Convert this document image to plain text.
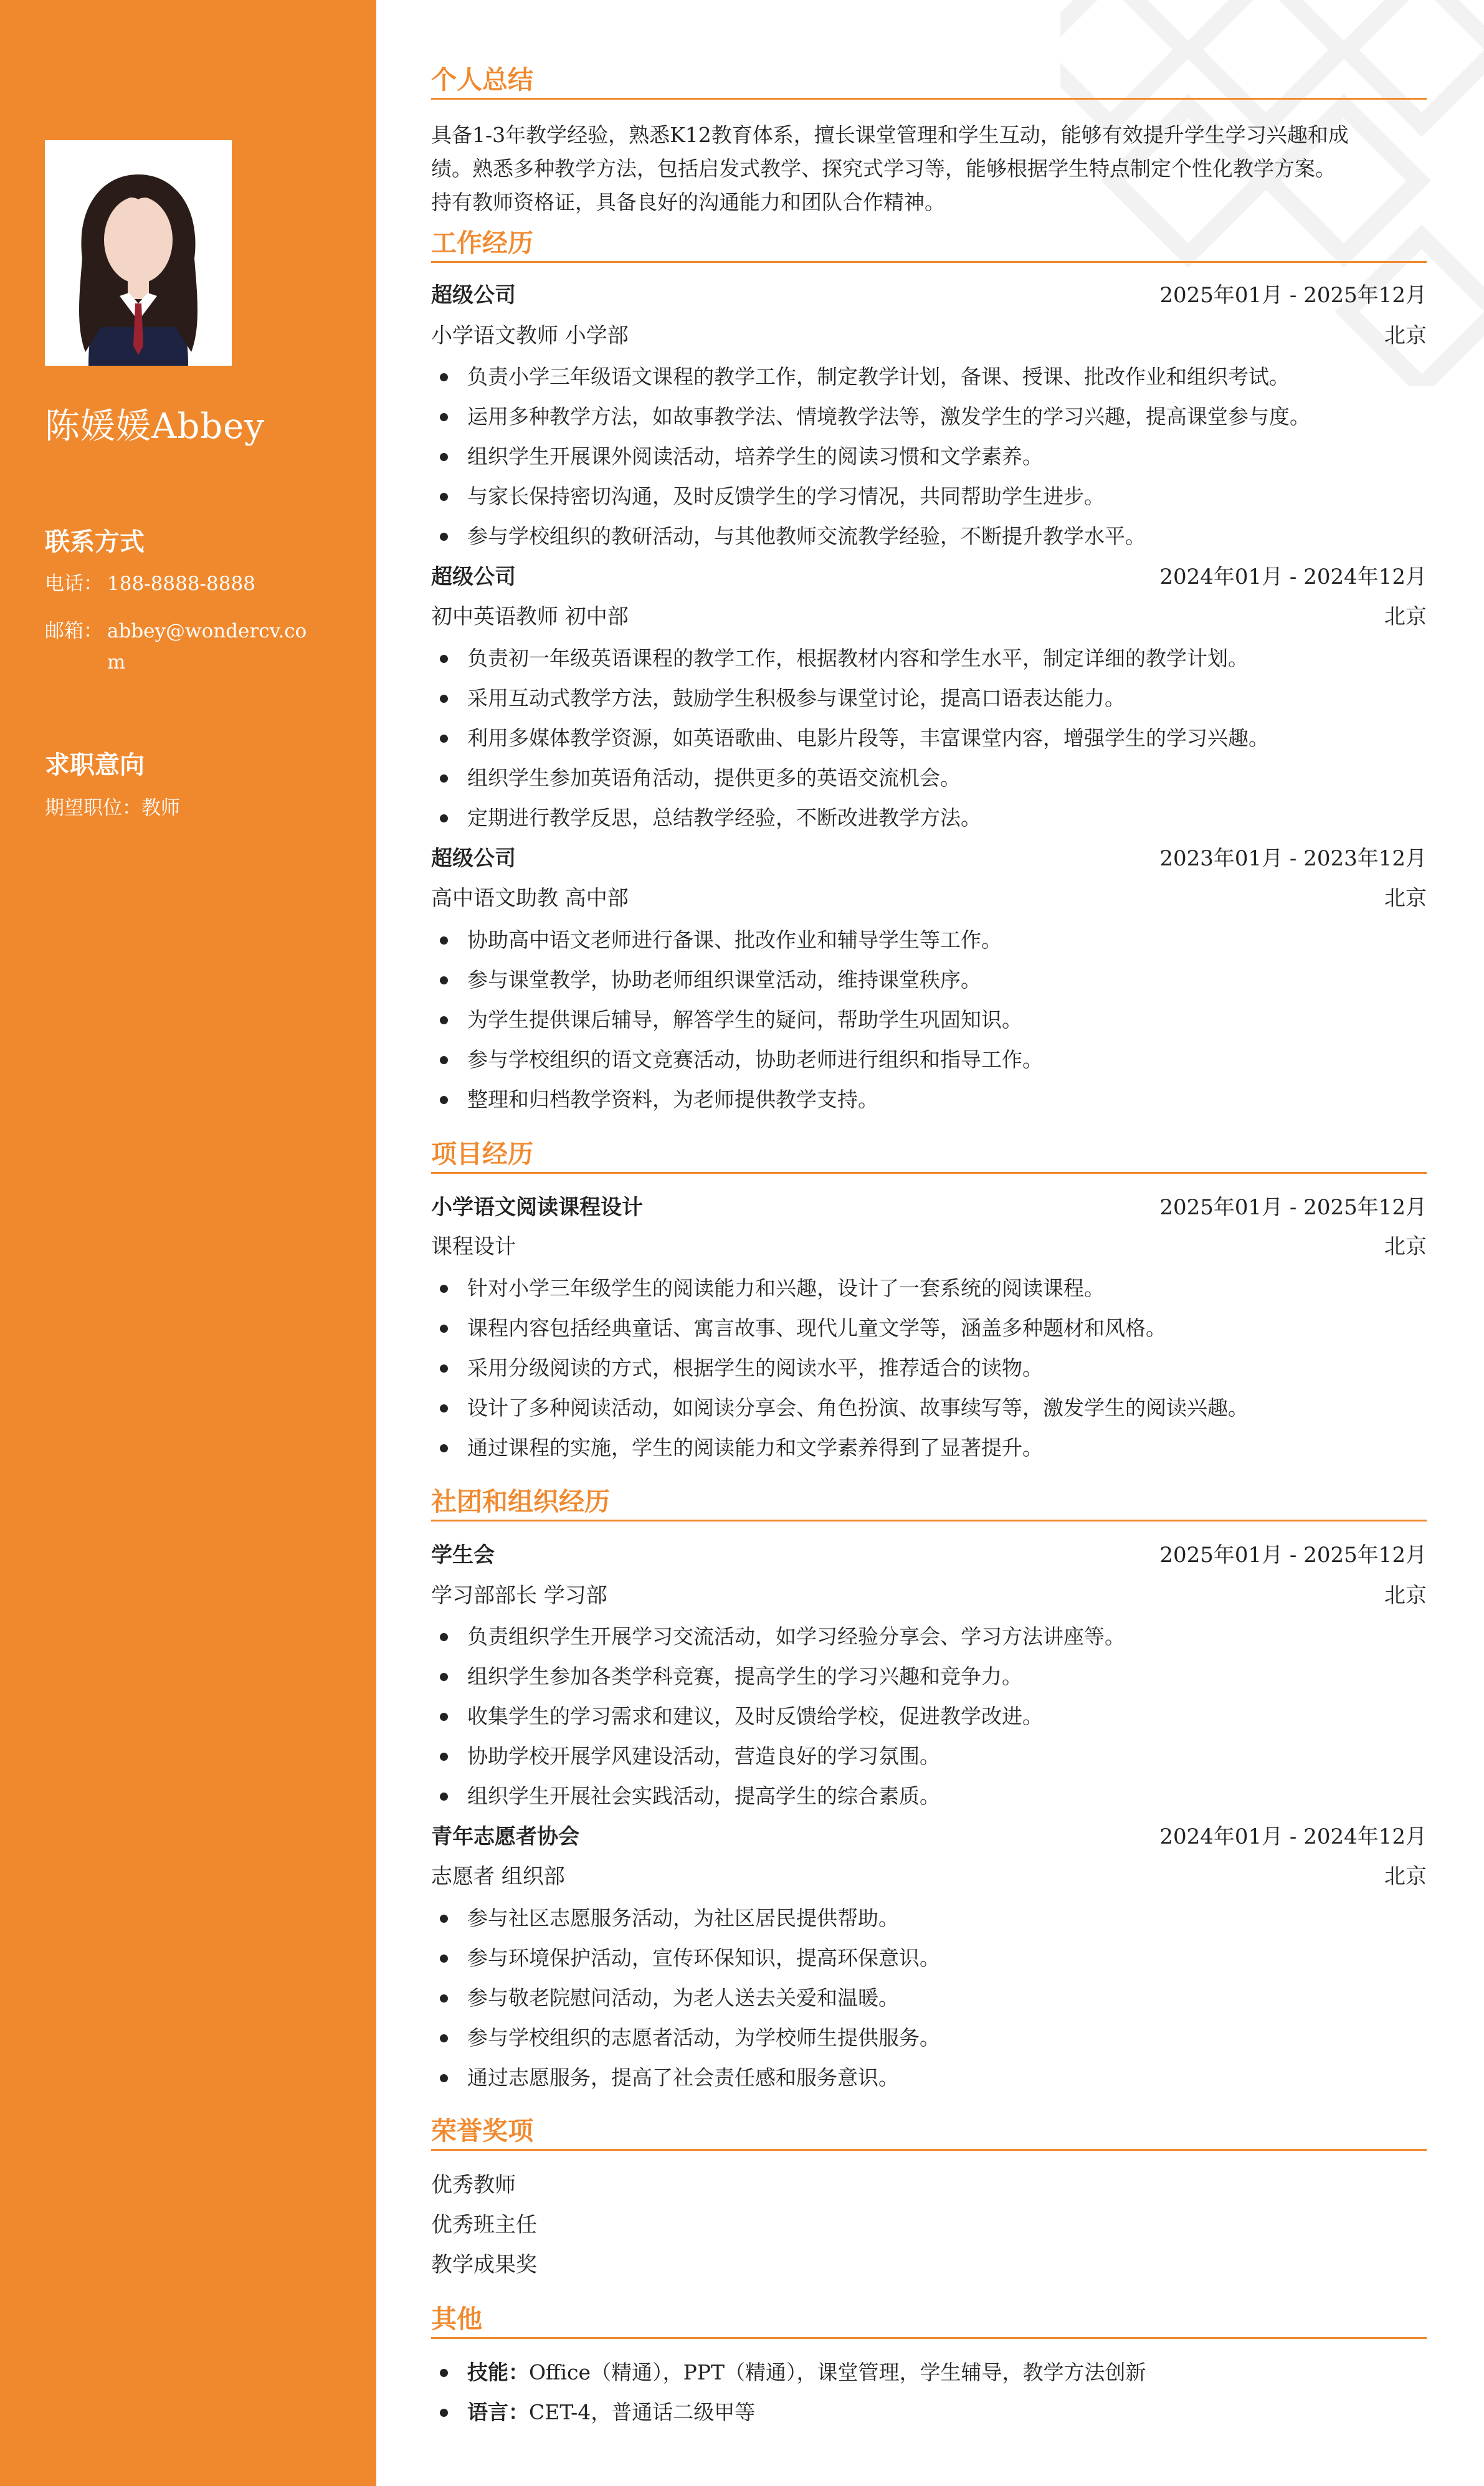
陈媛媛Abbey
联系方式
电话： 188-8888-8888
邮箱： abbey@wondercv.com
求职意向
期望职位：教师
个人总结
具备1-3年教学经验，熟悉K12教育体系，擅长课堂管理和学生互动，能够有效提升学生学习兴趣和成
绩。熟悉多种教学方法，包括启发式教学、探究式学习等，能够根据学生特点制定个性化教学方案。
持有教师资格证，具备良好的沟通能力和团队合作精神。
工作经历
超级公司	2025年01月 - 2025年12月
小学语文教师 小学部	北京
负责小学三年级语文课程的教学工作，制定教学计划，备课、授课、批改作业和组织考试。
运用多种教学方法，如故事教学法、情境教学法等，激发学生的学习兴趣，提高课堂参与度。
组织学生开展课外阅读活动，培养学生的阅读习惯和文学素养。
与家长保持密切沟通，及时反馈学生的学习情况，共同帮助学生进步。
参与学校组织的教研活动，与其他教师交流教学经验，不断提升教学水平。
超级公司	2024年01月 - 2024年12月
初中英语教师 初中部	北京
负责初一年级英语课程的教学工作，根据教材内容和学生水平，制定详细的教学计划。
采用互动式教学方法，鼓励学生积极参与课堂讨论，提高口语表达能力。
利用多媒体教学资源，如英语歌曲、电影片段等，丰富课堂内容，增强学生的学习兴趣。
组织学生参加英语角活动，提供更多的英语交流机会。
定期进行教学反思，总结教学经验，不断改进教学方法。
超级公司	2023年01月 - 2023年12月
高中语文助教 高中部	北京
协助高中语文老师进行备课、批改作业和辅导学生等工作。
参与课堂教学，协助老师组织课堂活动，维持课堂秩序。
为学生提供课后辅导，解答学生的疑问，帮助学生巩固知识。
参与学校组织的语文竞赛活动，协助老师进行组织和指导工作。
整理和归档教学资料，为老师提供教学支持。
项目经历
小学语文阅读课程设计	2025年01月 - 2025年12月
课程设计	北京
针对小学三年级学生的阅读能力和兴趣，设计了一套系统的阅读课程。
课程内容包括经典童话、寓言故事、现代儿童文学等，涵盖多种题材和风格。
采用分级阅读的方式，根据学生的阅读水平，推荐适合的读物。
设计了多种阅读活动，如阅读分享会、角色扮演、故事续写等，激发学生的阅读兴趣。
通过课程的实施，学生的阅读能力和文学素养得到了显著提升。
社团和组织经历
学生会	2025年01月 - 2025年12月
学习部部长 学习部	北京
负责组织学生开展学习交流活动，如学习经验分享会、学习方法讲座等。
组织学生参加各类学科竞赛，提高学生的学习兴趣和竞争力。
收集学生的学习需求和建议，及时反馈给学校，促进教学改进。
协助学校开展学风建设活动，营造良好的学习氛围。
组织学生开展社会实践活动，提高学生的综合素质。
青年志愿者协会	2024年01月 - 2024年12月
志愿者 组织部	北京
参与社区志愿服务活动，为社区居民提供帮助。
参与环境保护活动，宣传环保知识，提高环保意识。
参与敬老院慰问活动，为老人送去关爱和温暖。
参与学校组织的志愿者活动，为学校师生提供服务。
通过志愿服务，提高了社会责任感和服务意识。
荣誉奖项
优秀教师
优秀班主任
教学成果奖
其他
技能：Office（精通），PPT（精通），课堂管理，学生辅导，教学方法创新
语言：CET-4，普通话二级甲等
